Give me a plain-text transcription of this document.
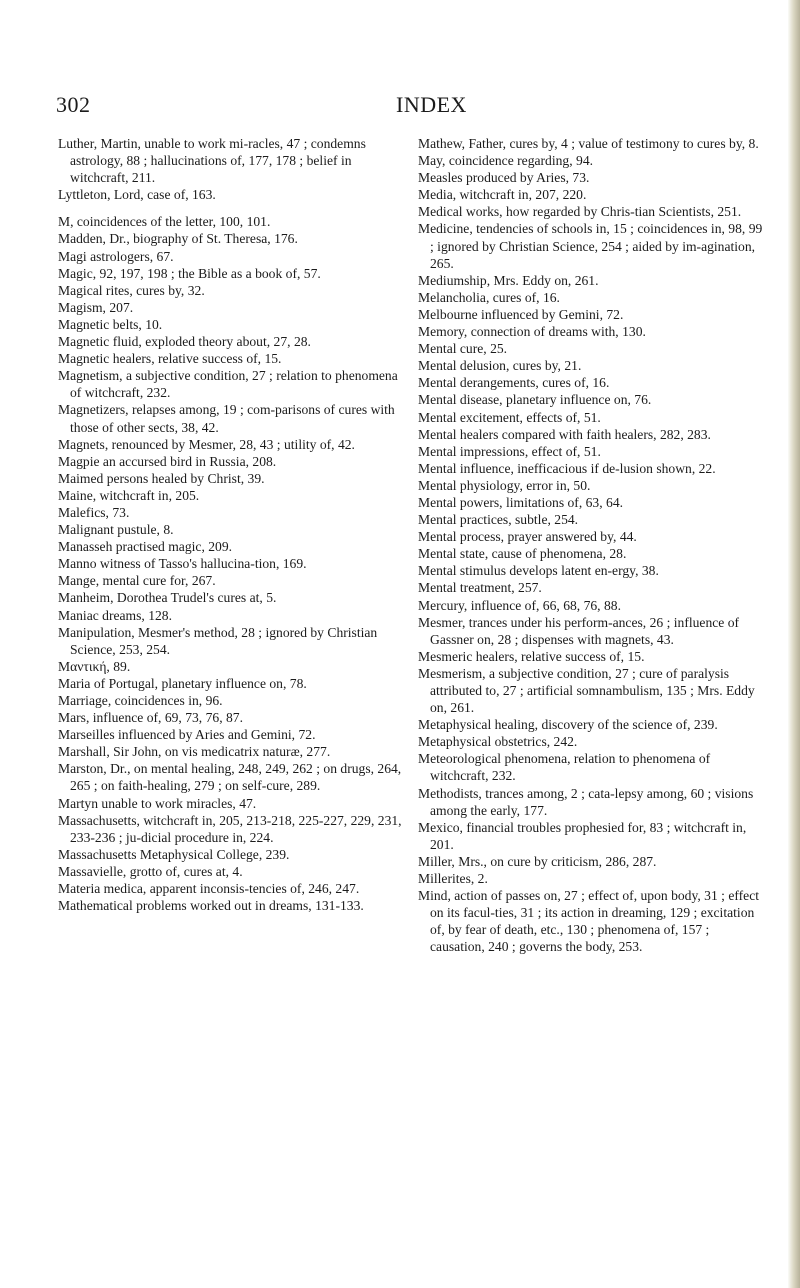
302	INDEX

Luther, Martin, unable to work mi-racles, 47 ; condemns astrology, 88 ; hallucinations of, 177, 178 ; belief in witchcraft, 211.

Lyttleton, Lord, case of, 163.

M, coincidences of the letter, 100, 101.

Madden, Dr., biography of St. Theresa, 176.

Magi astrologers, 67.

Magic, 92, 197, 198 ; the Bible as a book of, 57.

Magical rites, cures by, 32.

Magism, 207.

Magnetic belts, 10.

Magnetic fluid, exploded theory about, 27, 28.

Magnetic healers, relative success of, 15.

Magnetism, a subjective condition, 27 ; relation to phenomena of witchcraft, 232.

Magnetizers, relapses among, 19 ; com-parisons of cures with those of other sects, 38, 42.

Magnets, renounced by Mesmer, 28, 43 ; utility of, 42.

Magpie an accursed bird in Russia, 208.

Maimed persons healed by Christ, 39.

Maine, witchcraft in, 205.

Malefics, 73.

Malignant pustule, 8.

Manasseh practised magic, 209.

Manno witness of Tasso's hallucina-tion, 169.

Mange, mental cure for, 267.

Manheim, Dorothea Trudel's cures at, 5.

Maniac dreams, 128.

Manipulation, Mesmer's method, 28 ; ignored by Christian Science, 253, 254.

Μαντική, 89.

Maria of Portugal, planetary influence on, 78.

Marriage, coincidences in, 96.

Mars, influence of, 69, 73, 76, 87.

Marseilles influenced by Aries and Gemini, 72.

Marshall, Sir John, on vis medicatrix naturæ, 277.

Marston, Dr., on mental healing, 248, 249, 262 ; on drugs, 264, 265 ; on faith-healing, 279 ; on self-cure, 289.

Martyn unable to work miracles, 47.

Massachusetts, witchcraft in, 205, 213-218, 225-227, 229, 231, 233-236 ; ju-dicial procedure in, 224.

Massachusetts Metaphysical College, 239.

Massavielle, grotto of, cures at, 4.

Materia medica, apparent inconsis-tencies of, 246, 247.

Mathematical problems worked out in dreams, 131-133.

Mathew, Father, cures by, 4 ; value of testimony to cures by, 8.

May, coincidence regarding, 94.

Measles produced by Aries, 73.

Media, witchcraft in, 207, 220.

Medical works, how regarded by Chris-tian Scientists, 251.

Medicine, tendencies of schools in, 15 ; coincidences in, 98, 99 ; ignored by Christian Science, 254 ; aided by im-agination, 265.

Mediumship, Mrs. Eddy on, 261.

Melancholia, cures of, 16.

Melbourne influenced by Gemini, 72.

Memory, connection of dreams with, 130.

Mental cure, 25.

Mental delusion, cures by, 21.

Mental derangements, cures of, 16.

Mental disease, planetary influence on, 76.

Mental excitement, effects of, 51.

Mental healers compared with faith healers, 282, 283.

Mental impressions, effect of, 51.

Mental influence, inefficacious if de-lusion shown, 22.

Mental physiology, error in, 50.

Mental powers, limitations of, 63, 64.

Mental practices, subtle, 254.

Mental process, prayer answered by, 44.

Mental state, cause of phenomena, 28.

Mental stimulus develops latent en-ergy, 38.

Mental treatment, 257.

Mercury, influence of, 66, 68, 76, 88.

Mesmer, trances under his perform-ances, 26 ; influence of Gassner on, 28 ; dispenses with magnets, 43.

Mesmeric healers, relative success of, 15.

Mesmerism, a subjective condition, 27 ; cure of paralysis attributed to, 27 ; artificial somnambulism, 135 ; Mrs. Eddy on, 261.

Metaphysical healing, discovery of the science of, 239.

Metaphysical obstetrics, 242.

Meteorological phenomena, relation to phenomena of witchcraft, 232.

Methodists, trances among, 2 ; cata-lepsy among, 60 ; visions among the early, 177.

Mexico, financial troubles prophesied for, 83 ; witchcraft in, 201.

Miller, Mrs., on cure by criticism, 286, 287.

Millerites, 2.

Mind, action of passes on, 27 ; effect of, upon body, 31 ; effect on its facul-ties, 31 ; its action in dreaming, 129 ; excitation of, by fear of death, etc., 130 ; phenomena of, 157 ; causation, 240 ; governs the body, 253.
